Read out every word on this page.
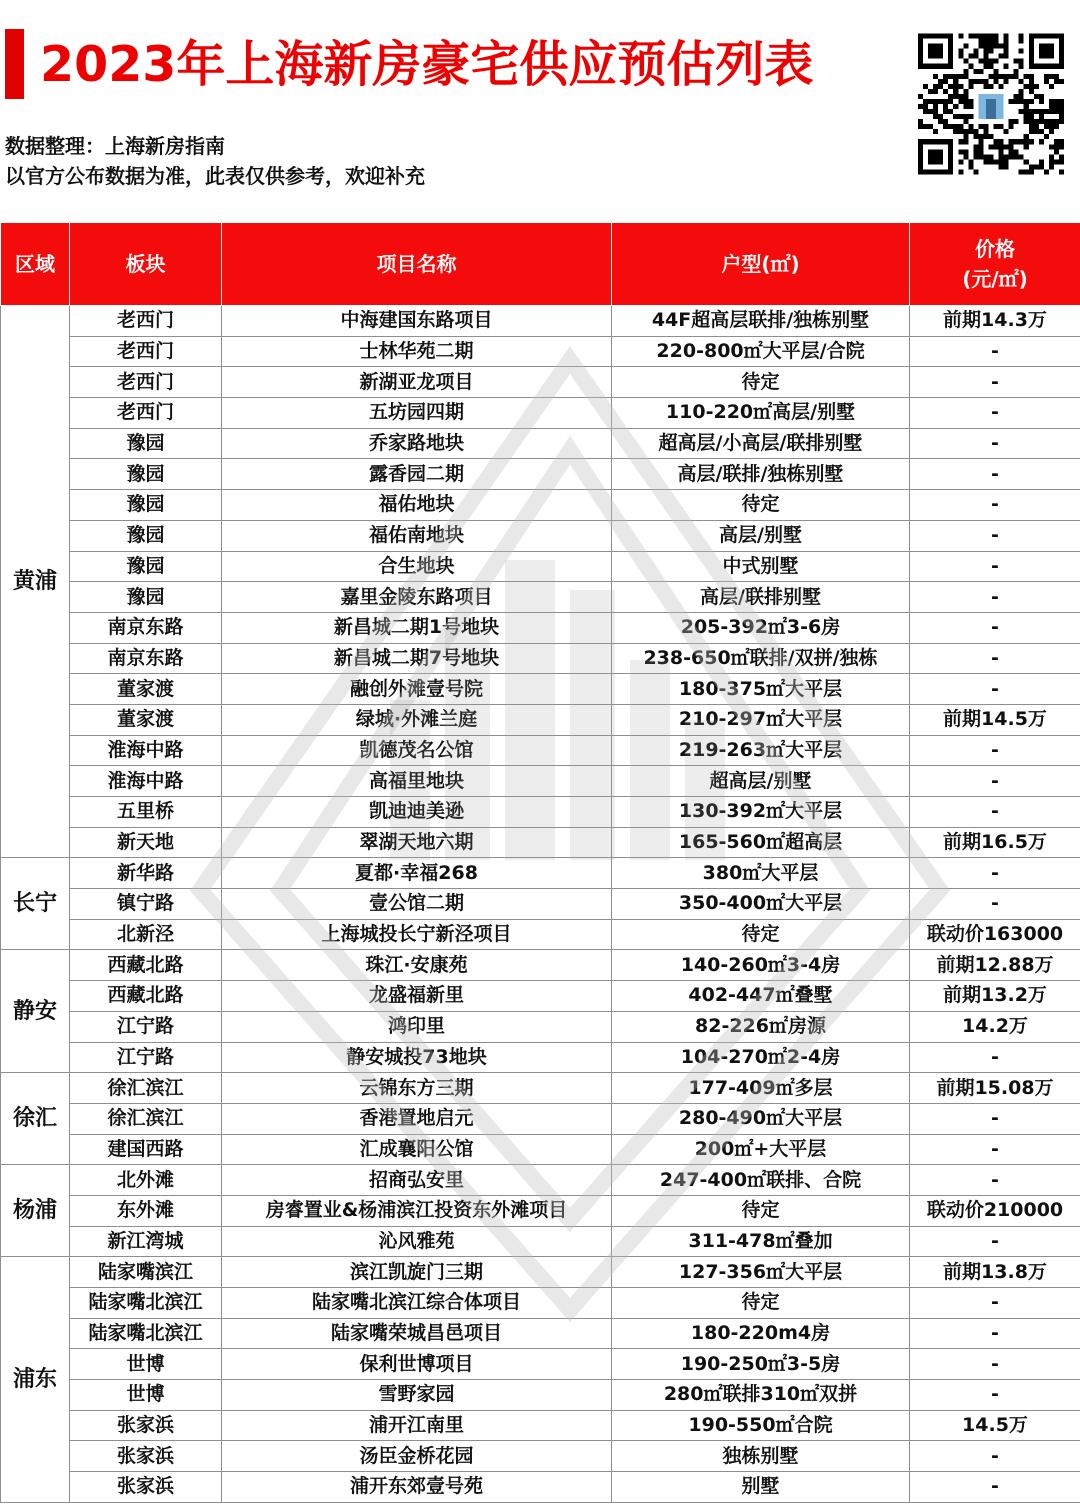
2023年上海新房豪宅供应预估列表
数据整理：上海新房指南
以官方公布数据为准，此表仅供参考，欢迎补充
区域	板块	项目名称	户型(㎡)	价格
(元/㎡)
黄浦	老西门	中海建国东路项目	44F超高层联排/独栋别墅	前期14.3万
	老西门	士林华苑二期	220-800㎡大平层/合院	-
	老西门	新湖亚龙项目	待定	-
	老西门	五坊园四期	110-220㎡高层/别墅	-
	豫园	乔家路地块	超高层/小高层/联排别墅	-
	豫园	露香园二期	高层/联排/独栋别墅	-
	豫园	福佑地块	待定	-
	豫园	福佑南地块	高层/别墅	-
	豫园	合生地块	中式别墅	-
	豫园	嘉里金陵东路项目	高层/联排别墅	-
	南京东路	新昌城二期1号地块	205-392㎡3-6房	-
	南京东路	新昌城二期7号地块	238-650㎡联排/双拼/独栋	-
	董家渡	融创外滩壹号院	180-375㎡大平层	-
	董家渡	绿城·外滩兰庭	210-297㎡大平层	前期14.5万
	淮海中路	凯德茂名公馆	219-263㎡大平层	-
	淮海中路	高福里地块	超高层/别墅	-
	五里桥	凯迪迪美逊	130-392㎡大平层	-
	新天地	翠湖天地六期	165-560㎡超高层	前期16.5万
长宁	新华路	夏都·幸福268	380㎡大平层	-
	镇宁路	壹公馆二期	350-400㎡大平层	-
	北新泾	上海城投长宁新泾项目	待定	联动价163000
静安	西藏北路	珠江·安康苑	140-260㎡3-4房	前期12.88万
	西藏北路	龙盛福新里	402-447㎡叠墅	前期13.2万
	江宁路	鸿印里	82-226㎡房源	14.2万
	江宁路	静安城投73地块	104-270㎡2-4房	-
徐汇	徐汇滨江	云锦东方三期	177-409㎡多层	前期15.08万
	徐汇滨江	香港置地启元	280-490㎡大平层	-
	建国西路	汇成襄阳公馆	200㎡+大平层	-
杨浦	北外滩	招商弘安里	247-400㎡联排、合院	-
	东外滩	房睿置业&杨浦滨江投资东外滩项目	待定	联动价210000
	新江湾城	沁风雅苑	311-478㎡叠加	-
浦东	陆家嘴滨江	滨江凯旋门三期	127-356㎡大平层	前期13.8万
	陆家嘴北滨江	陆家嘴北滨江综合体项目	待定	-
	陆家嘴北滨江	陆家嘴荣城昌邑项目	180-220m4房	-
	世博	保利世博项目	190-250㎡3-5房	-
	世博	雪野家园	280㎡联排310㎡双拼	-
	张家浜	浦开江南里	190-550㎡合院	14.5万
	张家浜	汤臣金桥花园	独栋别墅	-
	张家浜	浦开东郊壹号苑	别墅	-
